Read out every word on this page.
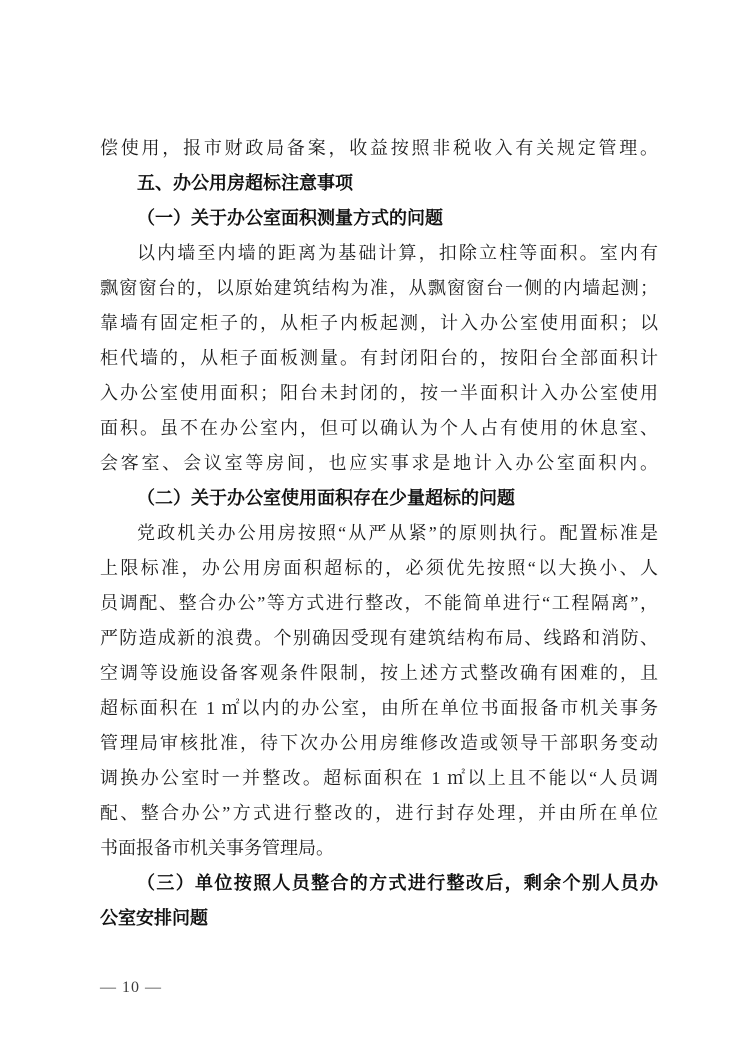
偿使用，报市财政局备案，收益按照非税收入有关规定管理。
五、办公用房超标注意事项
（一）关于办公室面积测量方式的问题
以内墙至内墙的距离为基础计算，扣除立柱等面积。室内有
飘窗窗台的，以原始建筑结构为准，从飘窗窗台一侧的内墙起测；
靠墙有固定柜子的，从柜子内板起测，计入办公室使用面积；以
柜代墙的，从柜子面板测量。有封闭阳台的，按阳台全部面积计
入办公室使用面积；阳台未封闭的，按一半面积计入办公室使用
面积。虽不在办公室内，但可以确认为个人占有使用的休息室、
会客室、会议室等房间，也应实事求是地计入办公室面积内。
（二）关于办公室使用面积存在少量超标的问题
党政机关办公用房按照“从严从紧”的原则执行。配置标准是
上限标准，办公用房面积超标的，必须优先按照“以大换小、人
员调配、整合办公”等方式进行整改，不能简单进行“工程隔离”，
严防造成新的浪费。个别确因受现有建筑结构布局、线路和消防、
空调等设施设备客观条件限制，按上述方式整改确有困难的，且
超标面积在 1 ㎡以内的办公室，由所在单位书面报备市机关事务
管理局审核批准，待下次办公用房维修改造或领导干部职务变动
调换办公室时一并整改。超标面积在 1 ㎡以上且不能以“人员调
配、整合办公”方式进行整改的，进行封存处理，并由所在单位
书面报备市机关事务管理局。
（三）单位按照人员整合的方式进行整改后，剩余个别人员办
公室安排问题
— 10 —
